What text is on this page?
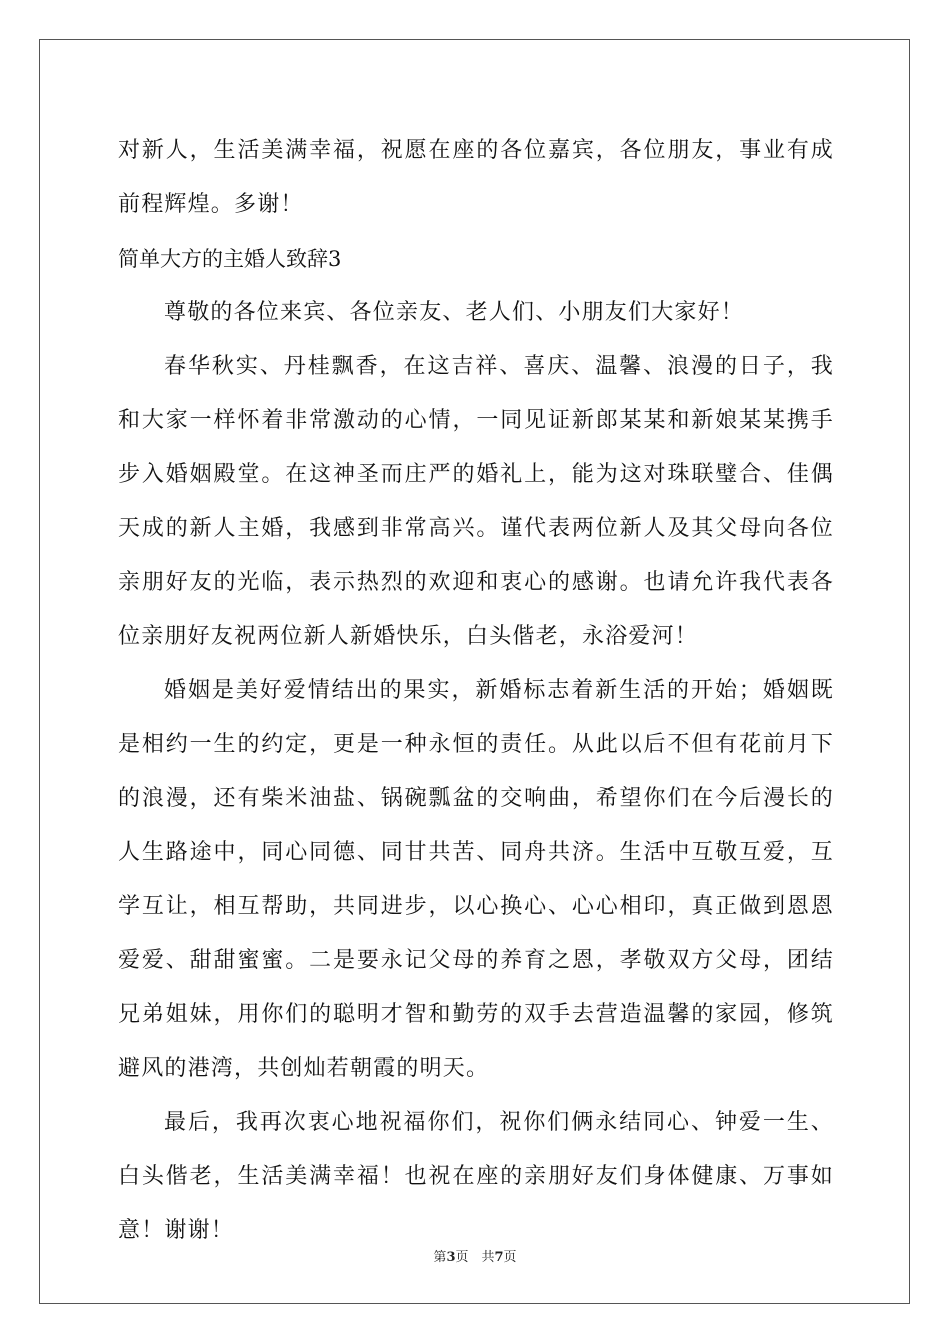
对新人，生活美满幸福，祝愿在座的各位嘉宾，各位朋友，事业有成前程辉煌。多谢！

简单大方的主婚人致辞3

尊敬的各位来宾、各位亲友、老人们、小朋友们大家好！

春华秋实、丹桂飘香，在这吉祥、喜庆、温馨、浪漫的日子，我和大家一样怀着非常激动的心情，一同见证新郎某某和新娘某某携手步入婚姻殿堂。在这神圣而庄严的婚礼上，能为这对珠联璧合、佳偶天成的新人主婚，我感到非常高兴。谨代表两位新人及其父母向各位亲朋好友的光临，表示热烈的欢迎和衷心的感谢。也请允许我代表各位亲朋好友祝两位新人新婚快乐，白头偕老，永浴爱河！

婚姻是美好爱情结出的果实，新婚标志着新生活的开始；婚姻既是相约一生的约定，更是一种永恒的责任。从此以后不但有花前月下的浪漫，还有柴米油盐、锅碗瓢盆的交响曲，希望你们在今后漫长的人生路途中，同心同德、同甘共苦、同舟共济。生活中互敬互爱，互学互让，相互帮助，共同进步，以心换心、心心相印，真正做到恩恩爱爱、甜甜蜜蜜。二是要永记父母的养育之恩，孝敬双方父母，团结兄弟姐妹，用你们的聪明才智和勤劳的双手去营造温馨的家园，修筑避风的港湾，共创灿若朝霞的明天。

最后，我再次衷心地祝福你们，祝你们俩永结同心、钟爱一生、白头偕老，生活美满幸福！也祝在座的亲朋好友们身体健康、万事如意！谢谢！

第3页　共7页
